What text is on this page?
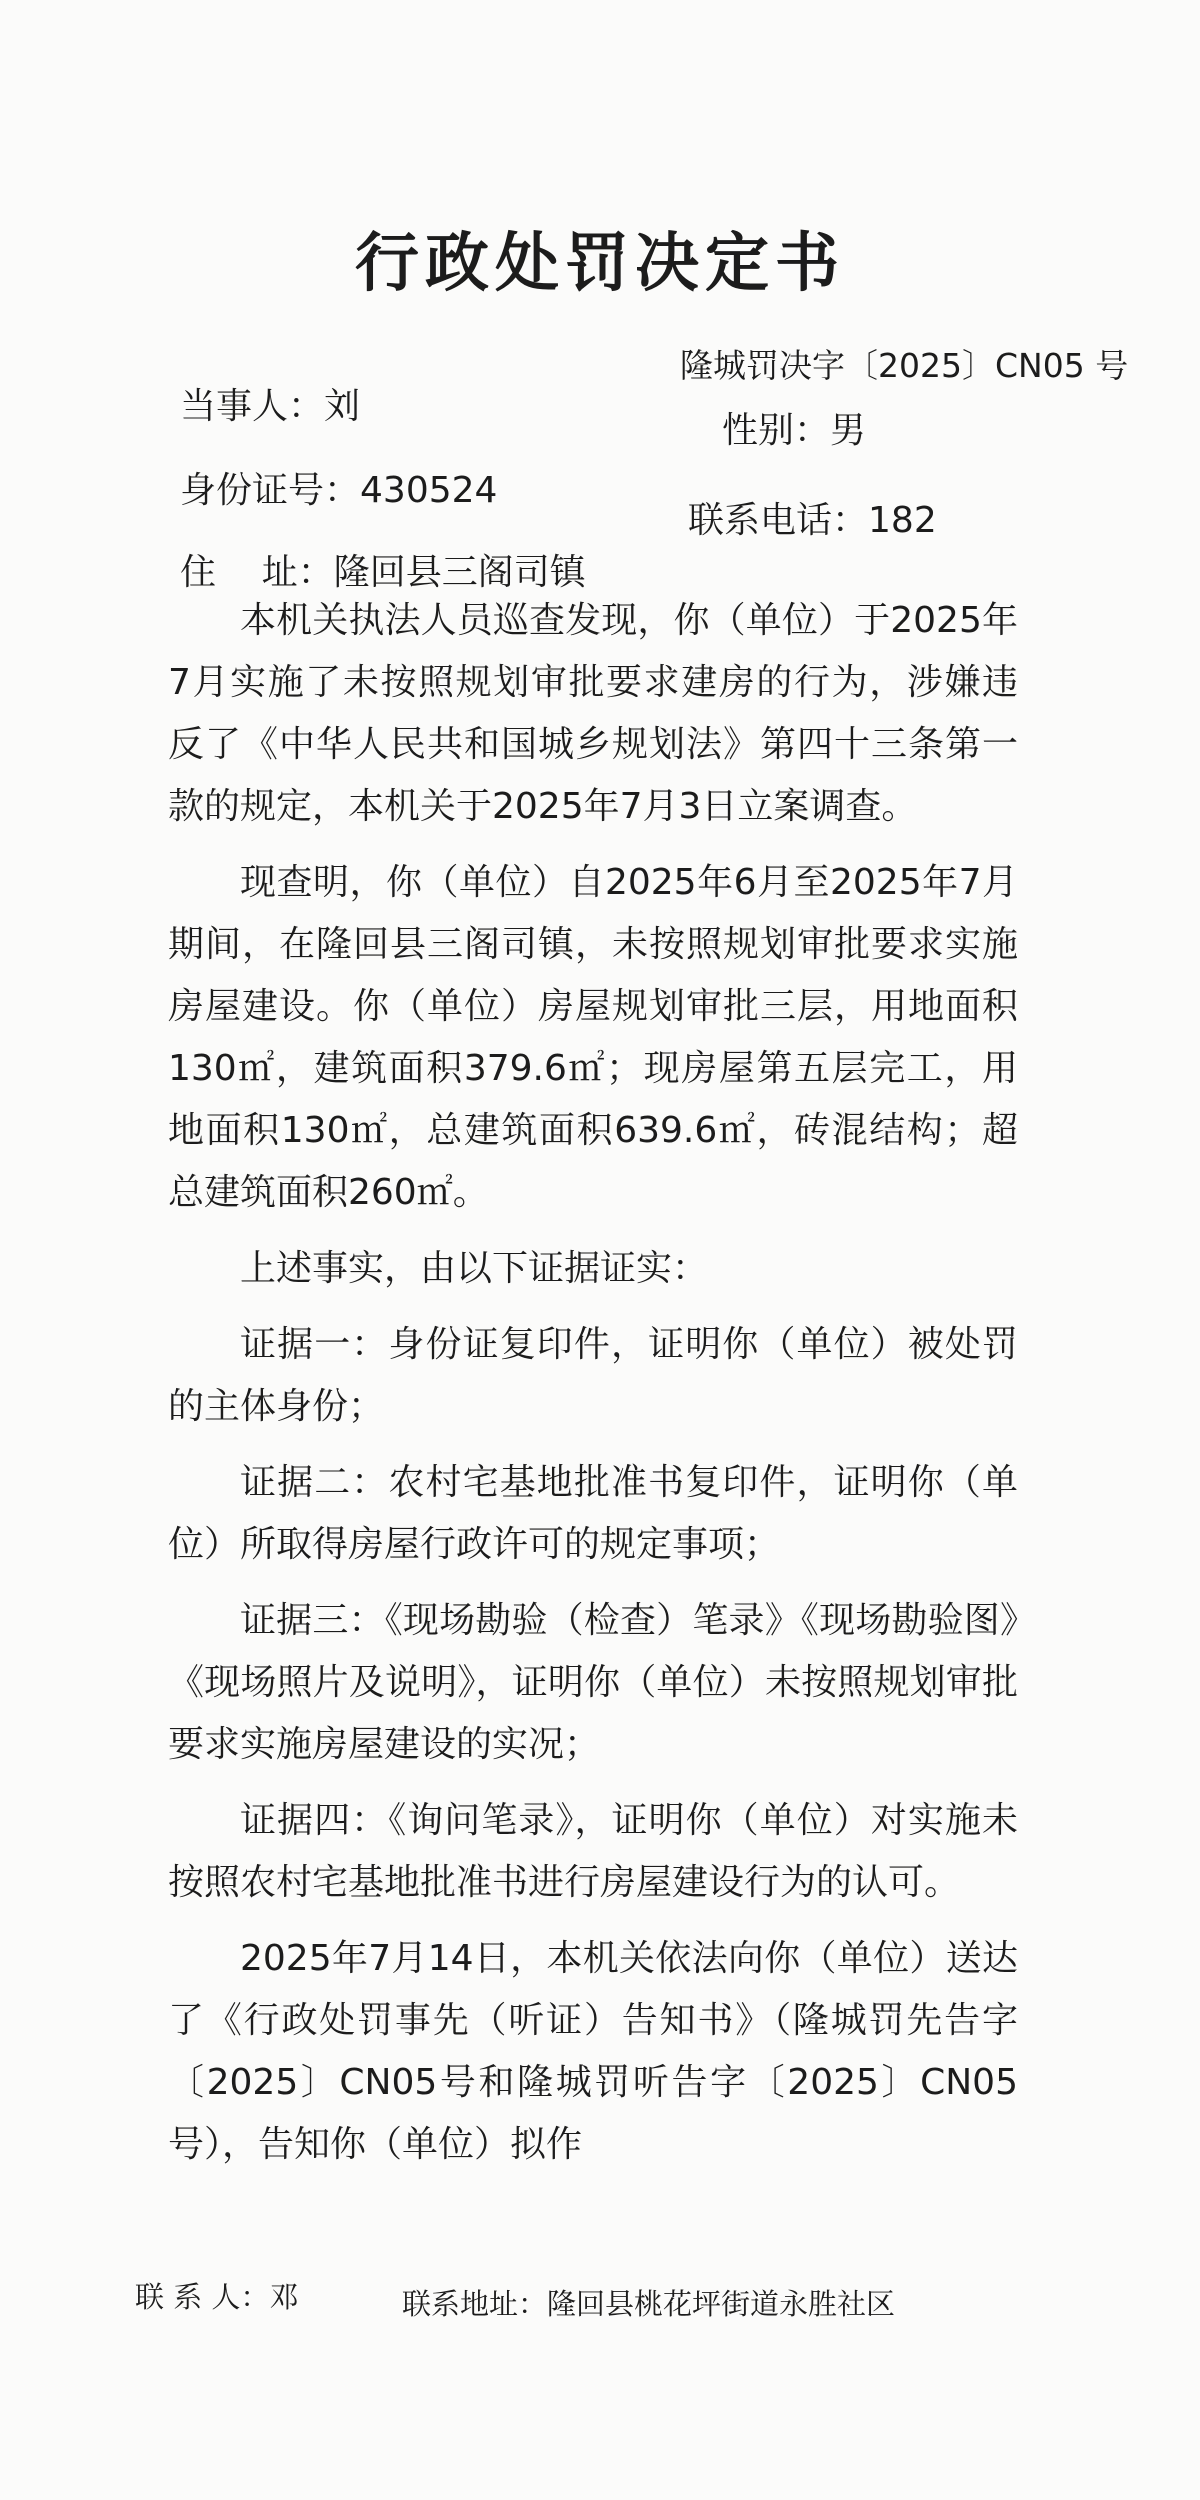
行政处罚决定书
隆城罚决字〔2025〕CN05 号
当事人：刘
性别：男
身份证号：430524
联系电话：182
住    址：隆回县三阁司镇

本机关执法人员巡查发现，你（单位）于2025年7月实施了未按照规划审批要求建房的行为，涉嫌违反了《中华人民共和国城乡规划法》第四十三条第一款的规定，本机关于2025年7月3日立案调查。

现查明，你（单位）自2025年6月至2025年7月期间，在隆回县三阁司镇，未按照规划审批要求实施房屋建设。你（单位）房屋规划审批三层，用地面积130㎡，建筑面积379.6㎡；现房屋第五层完工，用地面积130㎡，总建筑面积639.6㎡，砖混结构；超总建筑面积260㎡。

上述事实，由以下证据证实：

证据一：身份证复印件，证明你（单位）被处罚的主体身份；

证据二：农村宅基地批准书复印件，证明你（单位）所取得房屋行政许可的规定事项；

证据三：《现场勘验（检查）笔录》《现场勘验图》《现场照片及说明》，证明你（单位）未按照规划审批要求实施房屋建设的实况；

证据四：《询问笔录》，证明你（单位）对实施未按照农村宅基地批准书进行房屋建设行为的认可。

2025年7月14日，本机关依法向你（单位）送达了《行政处罚事先（听证）告知书》（隆城罚先告字〔2025〕CN05号和隆城罚听告字〔2025〕CN05号），告知你（单位）拟作

联 系 人：邓	联系地址：隆回县桃花坪街道永胜社区
